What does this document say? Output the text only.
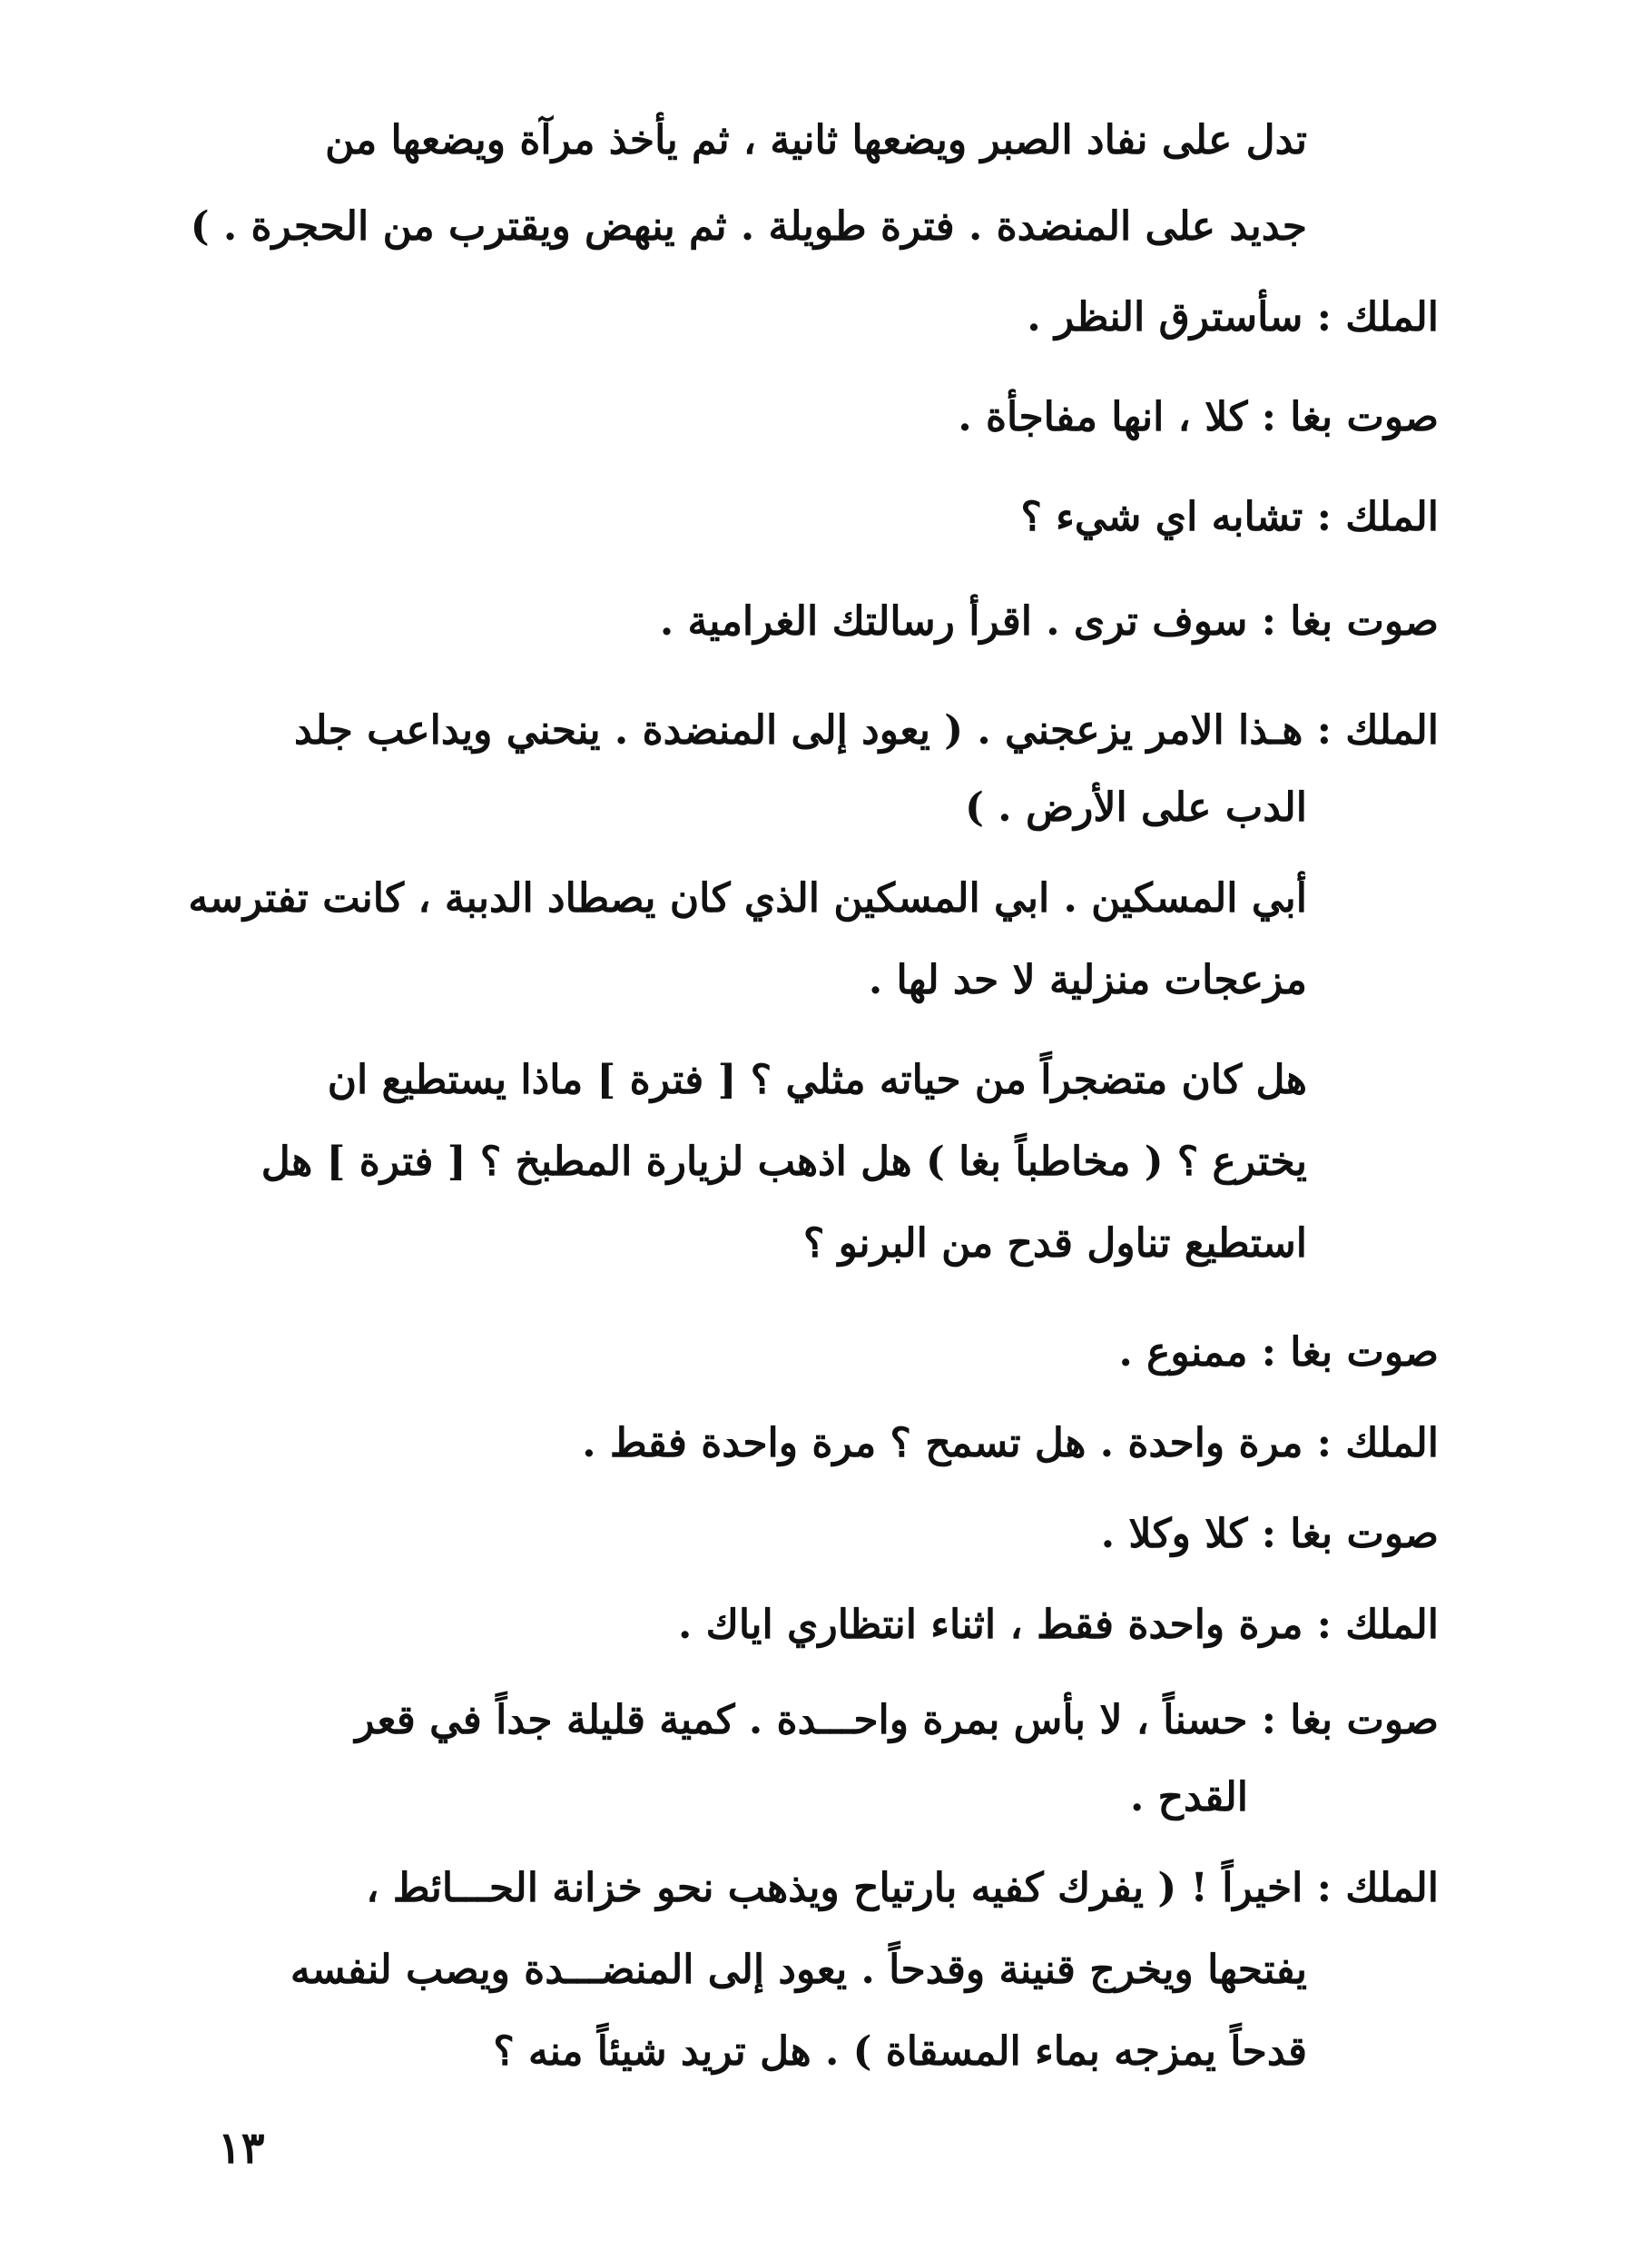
تدل على نفاد الصبر ويضعها ثانية ، ثم يأخذ مرآة ويضعها من
جديد على المنضدة . فترة طويلة . ثم ينهض ويقترب من الحجرة . )
الملك : سأسترق النظر .
صوت بغا : كلا ، انها مفاجأة .
الملك : تشابه اي شيء ؟
صوت بغا : سوف ترى . اقرأ رسالتك الغرامية .
الملك : هـذا الامر يزعجني . ( يعود إلى المنضدة . ينحني ويداعب جلد
الدب على الأرض . )
أبي المسكين . ابي المسكين الذي كان يصطاد الدببة ، كانت تفترسه
مزعجات منزلية لا حد لها .
هل كان متضجراً من حياته مثلي ؟ [ فترة ] ماذا يستطيع ان
يخترع ؟ ( مخاطباً بغا ) هل اذهب لزيارة المطبخ ؟ [ فترة ] هل
استطيع تناول قدح من البرنو ؟
صوت بغا : ممنوع .
الملك : مرة واحدة . هل تسمح ؟ مرة واحدة فقط .
صوت بغا : كلا وكلا .
الملك : مرة واحدة فقط ، اثناء انتظاري اياك .
صوت بغا : حسناً ، لا بأس بمرة واحـــدة . كمية قليلة جداً في قعر
القدح .
الملك : اخيراً ! ( يفرك كفيه بارتياح ويذهب نحو خزانة الحـــائط ،
يفتحها ويخرج قنينة وقدحاً . يعود إلى المنضـــدة ويصب لنفسه
قدحاً يمزجه بماء المسقاة ) . هل تريد شيئاً منه ؟
١٣
